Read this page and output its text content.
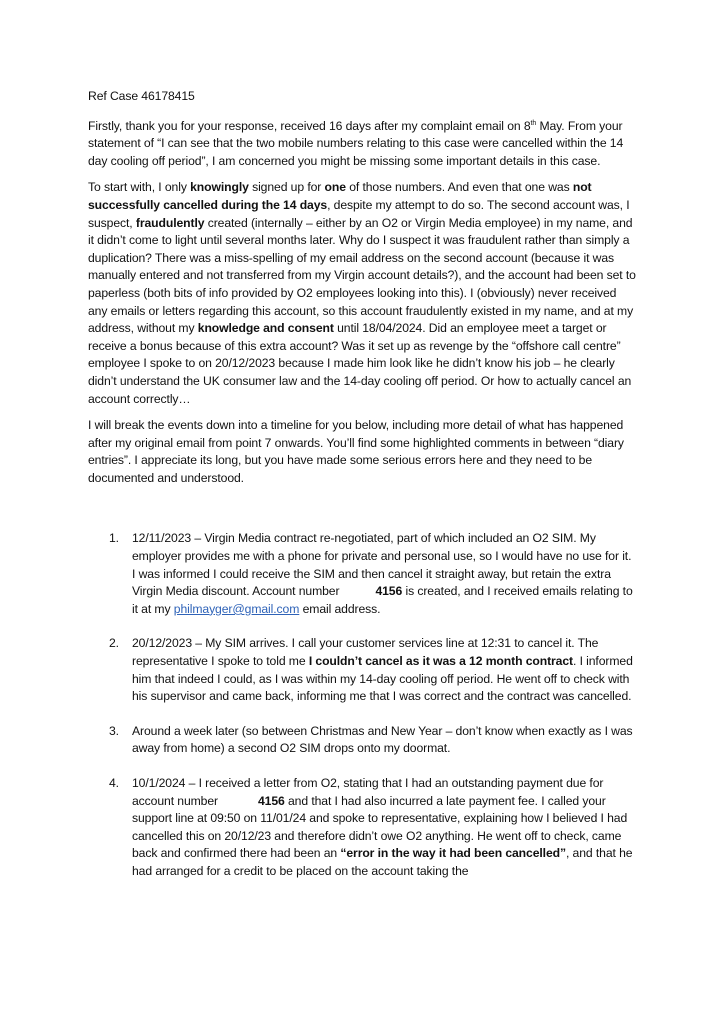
Ref Case 46178415

Firstly, thank you for your response, received 16 days after my complaint email on 8th May. From your statement of “I can see that the two mobile numbers relating to this case were cancelled within the 14 day cooling off period”, I am concerned you might be missing some important details in this case.

To start with, I only knowingly signed up for one of those numbers. And even that one was not successfully cancelled during the 14 days, despite my attempt to do so. The second account was, I suspect, fraudulently created (internally – either by an O2 or Virgin Media employee) in my name, and it didn’t come to light until several months later. Why do I suspect it was fraudulent rather than simply a duplication? There was a miss-spelling of my email address on the second account (because it was manually entered and not transferred from my Virgin account details?), and the account had been set to paperless (both bits of info provided by O2 employees looking into this). I (obviously) never received any emails or letters regarding this account, so this account fraudulently existed in my name, and at my address, without my knowledge and consent until 18/04/2024. Did an employee meet a target or receive a bonus because of this extra account? Was it set up as revenge by the “offshore call centre” employee I spoke to on 20/12/2023 because I made him look like he didn’t know his job – he clearly didn’t understand the UK consumer law and the 14-day cooling off period. Or how to actually cancel an account correctly…

I will break the events down into a timeline for you below, including more detail of what has happened after my original email from point 7 onwards. You’ll find some highlighted comments in between “diary entries”. I appreciate its long, but you have made some serious errors here and they need to be documented and understood.

1. 12/11/2023 – Virgin Media contract re-negotiated, part of which included an O2 SIM. My employer provides me with a phone for private and personal use, so I would have no use for it. I was informed I could receive the SIM and then cancel it straight away, but retain the extra Virgin Media discount. Account number	4156 is created, and I received emails relating to it at my philmayger@gmail.com email address.
2. 20/12/2023 – My SIM arrives. I call your customer services line at 12:31 to cancel it. The representative I spoke to told me I couldn’t cancel as it was a 12 month contract. I informed him that indeed I could, as I was within my 14-day cooling off period. He went off to check with his supervisor and came back, informing me that I was correct and the contract was cancelled.
3. Around a week later (so between Christmas and New Year – don’t know when exactly as I was away from home) a second O2 SIM drops onto my doormat.
4. 10/1/2024 – I received a letter from O2, stating that I had an outstanding payment due for account number	4156 and that I had also incurred a late payment fee. I called your support line at 09:50 on 11/01/24 and spoke to representative, explaining how I believed I had cancelled this on 20/12/23 and therefore didn’t owe O2 anything. He went off to check, came back and confirmed there had been an “error in the way it had been cancelled”, and that he had arranged for a credit to be placed on the account taking the
